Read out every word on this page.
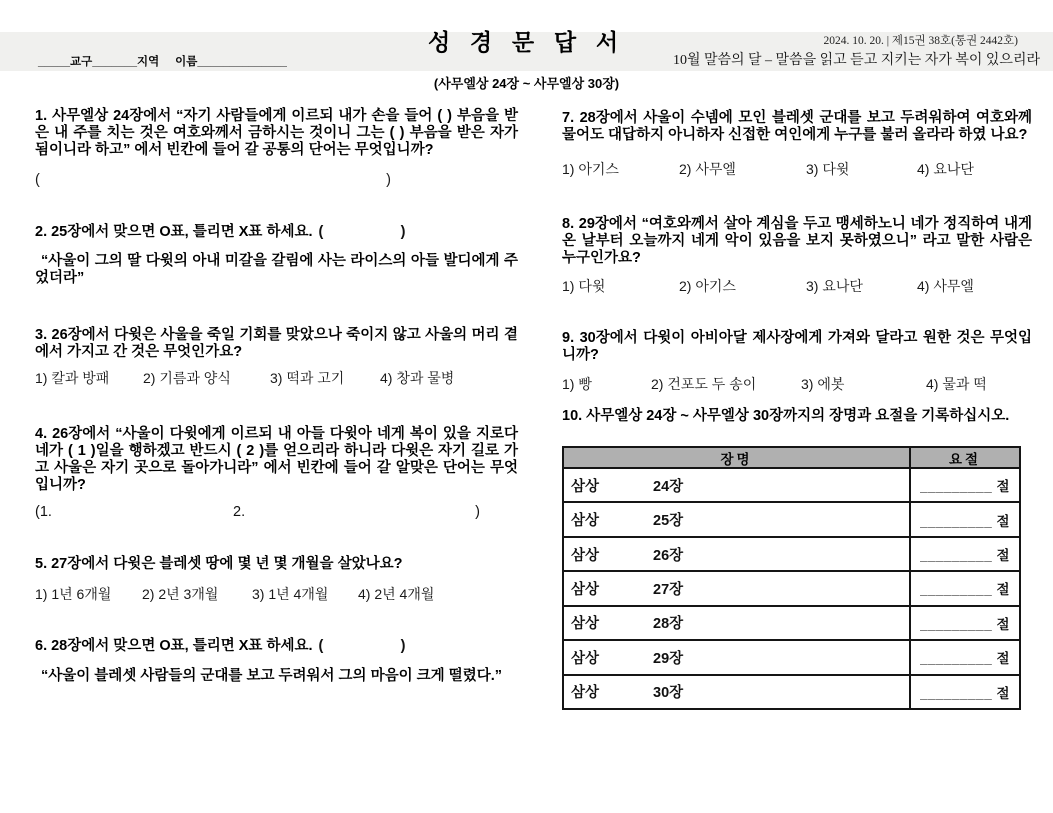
성 경 문 답 서	2024. 10. 20. | 제15권 38호(통권 2442호)
10월 말씀의 달 – 말씀을 읽고 듣고 지키는 자가 복이 있으리라
_____교구_______지역     이름______________
(사무엘상 24장 ~ 사무엘상 30장)
1. 사무엘상 24장에서 “자기 사람들에게 이르되 내가 손을 들어 ( ) 부음을 받은 내 주를 치는 것은 여호와께서 금하시는 것이니 그는 ( ) 부음을 받은 자가 됨이니라 하고” 에서 빈칸에 들어 갈 공통의 단어는 무엇입니까?
(	)
2. 25장에서 맞으면 O표, 틀리면 X표 하세요. (	)
“사울이 그의 딸 다윗의 아내 미갈을 갈림에 사는 라이스의 아들 발디에게 주었더라”
3. 26장에서 다윗은 사울을 죽일 기회를 맞았으나 죽이지 않고 사울의 머리 곁에서 가지고 간 것은 무엇인가요?
1) 칼과 방패	2) 기름과 양식	3) 떡과 고기	4) 창과 물병
4. 26장에서 “사울이 다윗에게 이르되 내 아들 다윗아 네게 복이 있을 지로다 네가 ( 1 )일을 행하겠고 반드시 ( 2 )를 얻으리라 하니라 다윗은 자기 길로 가고 사울은 자기 곳으로 돌아가니라” 에서 빈칸에 들어 갈 알맞은 단어는 무엇입니까?
(1.	2.	)
5. 27장에서 다윗은 블레셋 땅에 몇 년 몇 개월을 살았나요?
1) 1년 6개월	2) 2년 3개월	3) 1년 4개월	4) 2년 4개월
6. 28장에서 맞으면 O표, 틀리면 X표 하세요. (	)
“사울이 블레셋 사람들의 군대를 보고 두려워서 그의 마음이 크게 떨렸다.”
7. 28장에서 사울이 수넴에 모인 블레셋 군대를 보고 두려워하여 여호와께 물어도 대답하지 아니하자 신접한 여인에게 누구를 불러 올라라 하였 나요?
1) 아기스	2) 사무엘	3) 다윗	4) 요나단
8. 29장에서 “여호와께서 살아 계심을 두고 맹세하노니 네가 정직하여 내게 온 날부터 오늘까지 네게 악이 있음을 보지 못하였으니” 라고 말한 사람은 누구인가요?
1) 다윗	2) 아기스	3) 요나단	4) 사무엘
9. 30장에서 다윗이 아비아달 제사장에게 가져와 달라고 원한 것은 무엇입니까?
1) 빵	2) 건포도 두 송이	3) 에봇	4) 물과 떡
10. 사무엘상 24장 ~ 사무엘상 30장까지의 장명과 요절을 기록하십시오.
장명	요절
삼상	24장	_________ 절
삼상	25장	_________ 절
삼상	26장	_________ 절
삼상	27장	_________ 절
삼상	28장	_________ 절
삼상	29장	_________ 절
삼상	30장	_________ 절
